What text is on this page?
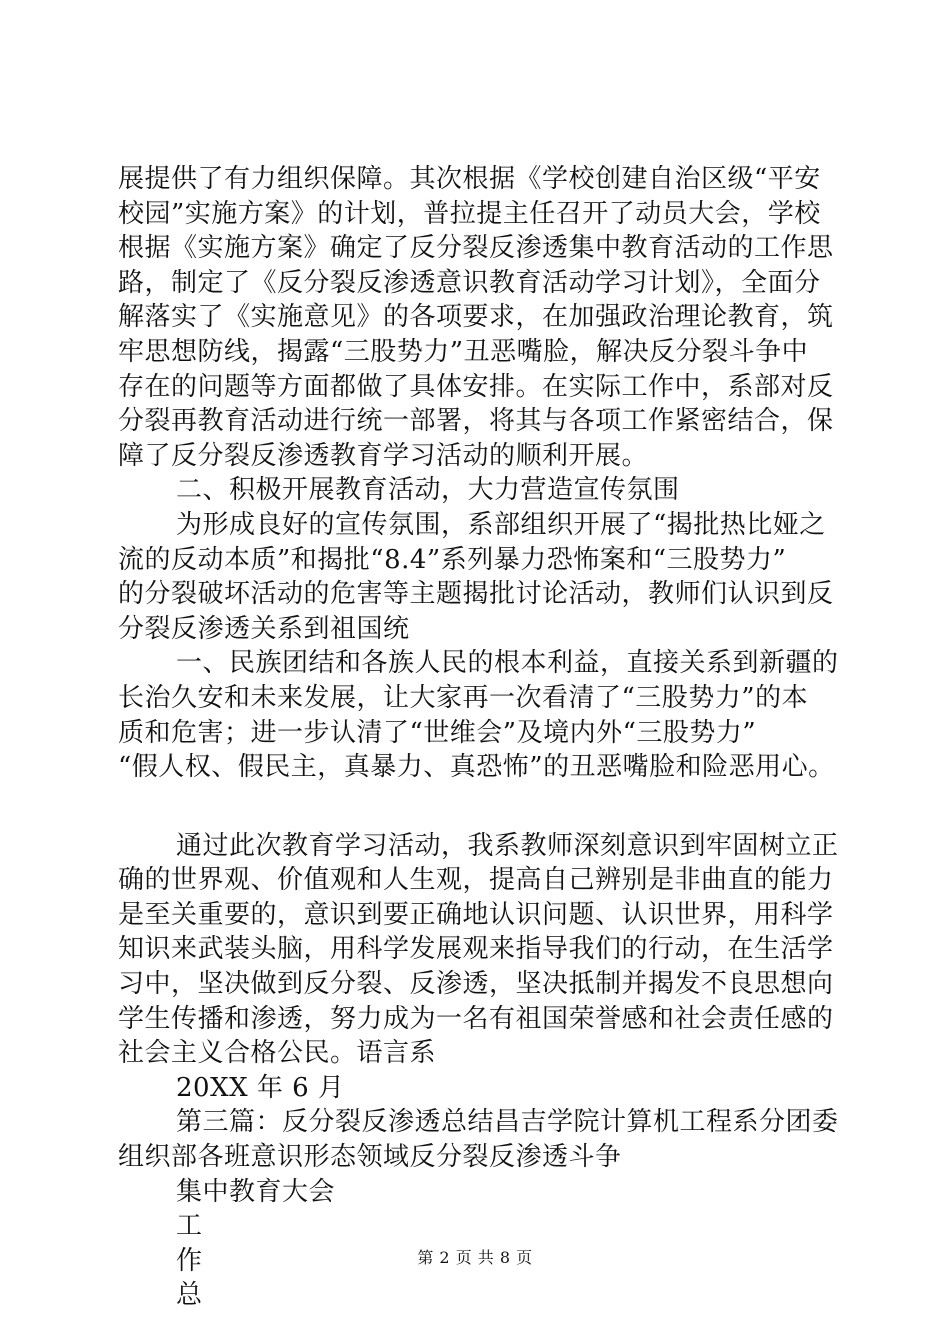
展提供了有力组织保障。其次根据《学校创建自治区级“平安
校园”实施方案》的计划，普拉提主任召开了动员大会，学校
根据《实施方案》确定了反分裂反渗透集中教育活动的工作思
路，制定了《反分裂反渗透意识教育活动学习计划》，全面分
解落实了《实施意见》的各项要求，在加强政治理论教育，筑
牢思想防线，揭露“三股势力”丑恶嘴脸，解决反分裂斗争中
存在的问题等方面都做了具体安排。在实际工作中，系部对反
分裂再教育活动进行统一部署，将其与各项工作紧密结合，保
障了反分裂反渗透教育学习活动的顺利开展。
二、积极开展教育活动，大力营造宣传氛围
为形成良好的宣传氛围，系部组织开展了“揭批热比娅之
流的反动本质”和揭批“8.4”系列暴力恐怖案和“三股势力”
的分裂破坏活动的危害等主题揭批讨论活动，教师们认识到反
分裂反渗透关系到祖国统
一、民族团结和各族人民的根本利益，直接关系到新疆的
长治久安和未来发展，让大家再一次看清了“三股势力”的本
质和危害；进一步认清了“世维会”及境内外“三股势力”
“假人权、假民主，真暴力、真恐怖”的丑恶嘴脸和险恶用心。
通过此次教育学习活动，我系教师深刻意识到牢固树立正
确的世界观、价值观和人生观，提高自己辨别是非曲直的能力
是至关重要的，意识到要正确地认识问题、认识世界，用科学
知识来武装头脑，用科学发展观来指导我们的行动，在生活学
习中，坚决做到反分裂、反渗透，坚决抵制并揭发不良思想向
学生传播和渗透，努力成为一名有祖国荣誉感和社会责任感的
社会主义合格公民。语言系
20XX 年 6 月
第三篇：反分裂反渗透总结昌吉学院计算机工程系分团委
组织部各班意识形态领域反分裂反渗透斗争
集中教育大会
工
作
总
第 2 页 共 8 页
